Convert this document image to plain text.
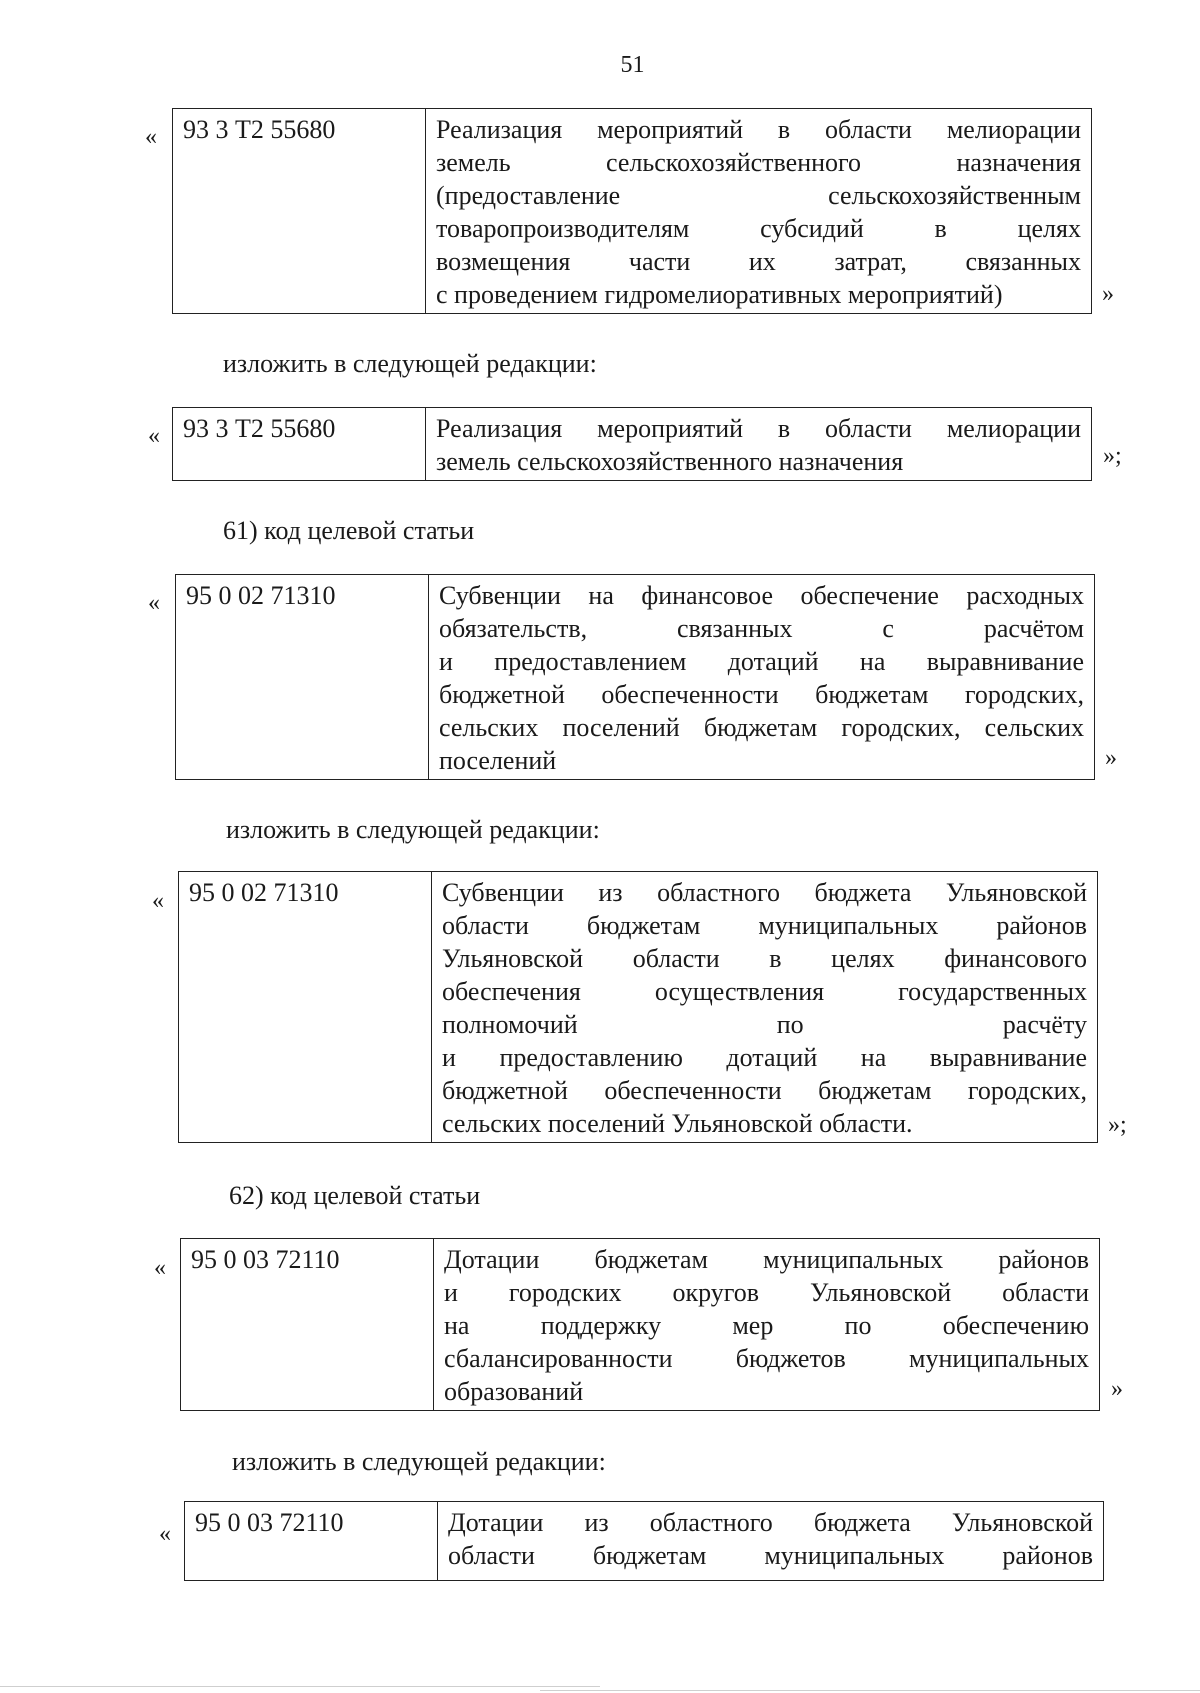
51
« 93 3 Т2 55680	Реализация мероприятий в области мелиорации
земель сельскохозяйственного назначения
(предоставление сельскохозяйственным
товаропроизводителям субсидий в целях
возмещения части их затрат, связанных
с проведением гидромелиоративных мероприятий)	»
изложить в следующей редакции:
« 93 3 Т2 55680	Реализация мероприятий в области мелиорации
земель сельскохозяйственного назначения	»;
61) код целевой статьи
« 95 0 02 71310	Субвенции на финансовое обеспечение расходных
обязательств, связанных с расчётом
и предоставлением дотаций на выравнивание
бюджетной обеспеченности бюджетам городских,
сельских поселений бюджетам городских, сельских
поселений	»
изложить в следующей редакции:
« 95 0 02 71310	Субвенции из областного бюджета Ульяновской
области бюджетам муниципальных районов
Ульяновской области в целях финансового
обеспечения осуществления государственных
полномочий по расчёту
и предоставлению дотаций на выравнивание
бюджетной обеспеченности бюджетам городских,
сельских поселений Ульяновской области.	»;
62) код целевой статьи
« 95 0 03 72110	Дотации бюджетам муниципальных районов
и городских округов Ульяновской области
на поддержку мер по обеспечению
сбалансированности бюджетов муниципальных
образований	»
изложить в следующей редакции:
« 95 0 03 72110	Дотации из областного бюджета Ульяновской
области бюджетам муниципальных районов
